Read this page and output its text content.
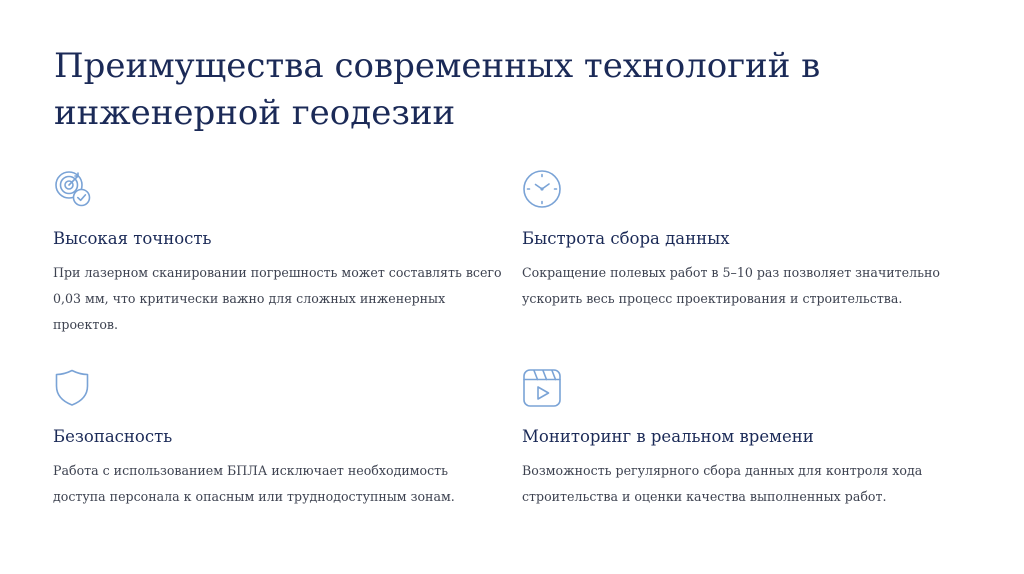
Преимущества современных технологий в инженерной геодезии
Высокая точность

При лазерном сканировании погрешность может составлять всего 0,03 мм, что критически важно для сложных инженерных проектов.

Быстрота сбора данных

Сокращение полевых работ в 5–10 раз позволяет значительно ускорить весь процесс проектирования и строительства.

Безопасность

Работа с использованием БПЛА исключает необходимость доступа персонала к опасным или труднодоступным зонам.

Мониторинг в реальном времени

Возможность регулярного сбора данных для контроля хода строительства и оценки качества выполненных работ.
